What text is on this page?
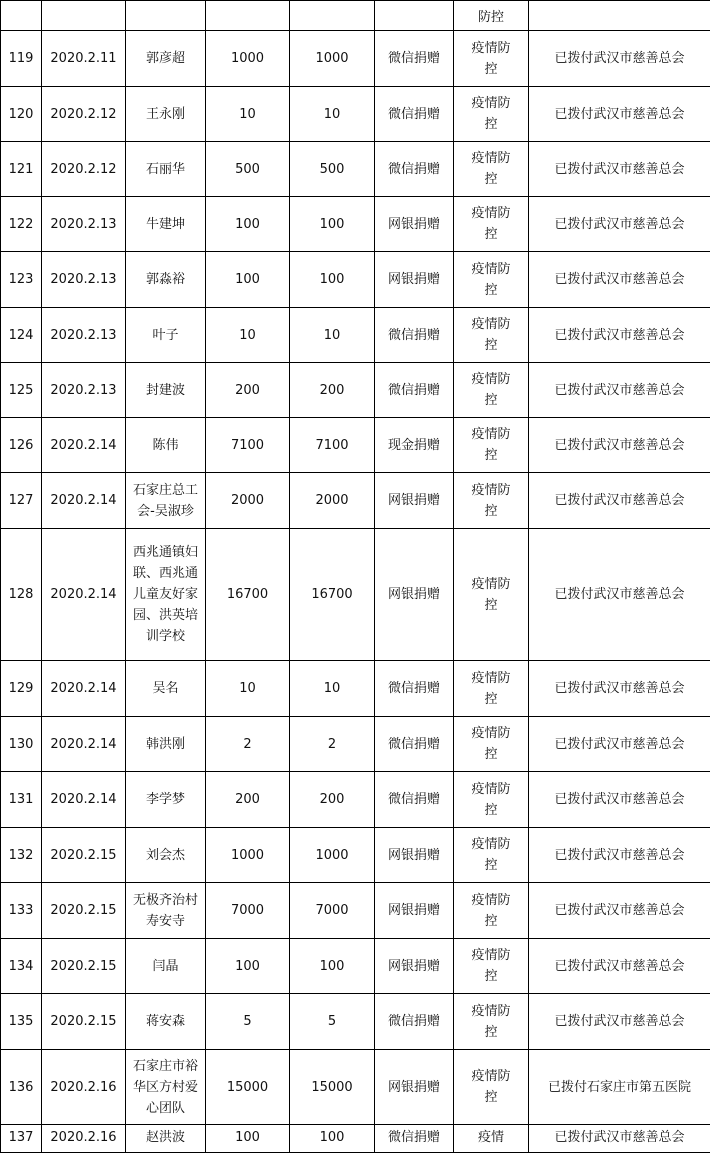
						防控	
119	2020.2.11	郭彦超	1000	1000	微信捐赠	疫情防控	已拨付武汉市慈善总会
120	2020.2.12	王永刚	10	10	微信捐赠	疫情防控	已拨付武汉市慈善总会
121	2020.2.12	石丽华	500	500	微信捐赠	疫情防控	已拨付武汉市慈善总会
122	2020.2.13	牛建坤	100	100	网银捐赠	疫情防控	已拨付武汉市慈善总会
123	2020.2.13	郭淼裕	100	100	网银捐赠	疫情防控	已拨付武汉市慈善总会
124	2020.2.13	叶子	10	10	微信捐赠	疫情防控	已拨付武汉市慈善总会
125	2020.2.13	封建波	200	200	微信捐赠	疫情防控	已拨付武汉市慈善总会
126	2020.2.14	陈伟	7100	7100	现金捐赠	疫情防控	已拨付武汉市慈善总会
127	2020.2.14	石家庄总工会-吴淑珍	2000	2000	网银捐赠	疫情防控	已拨付武汉市慈善总会
128	2020.2.14	西兆通镇妇联、西兆通儿童友好家园、洪英培训学校	16700	16700	网银捐赠	疫情防控	已拨付武汉市慈善总会
129	2020.2.14	吴名	10	10	微信捐赠	疫情防控	已拨付武汉市慈善总会
130	2020.2.14	韩洪刚	2	2	微信捐赠	疫情防控	已拨付武汉市慈善总会
131	2020.2.14	李学梦	200	200	微信捐赠	疫情防控	已拨付武汉市慈善总会
132	2020.2.15	刘会杰	1000	1000	网银捐赠	疫情防控	已拨付武汉市慈善总会
133	2020.2.15	无极齐治村寿安寺	7000	7000	网银捐赠	疫情防控	已拨付武汉市慈善总会
134	2020.2.15	闫晶	100	100	网银捐赠	疫情防控	已拨付武汉市慈善总会
135	2020.2.15	蒋安森	5	5	微信捐赠	疫情防控	已拨付武汉市慈善总会
136	2020.2.16	石家庄市裕华区方村爱心团队	15000	15000	网银捐赠	疫情防控	已拨付石家庄市第五医院
137	2020.2.16	赵洪波	100	100	微信捐赠	疫情	已拨付武汉市慈善总会
